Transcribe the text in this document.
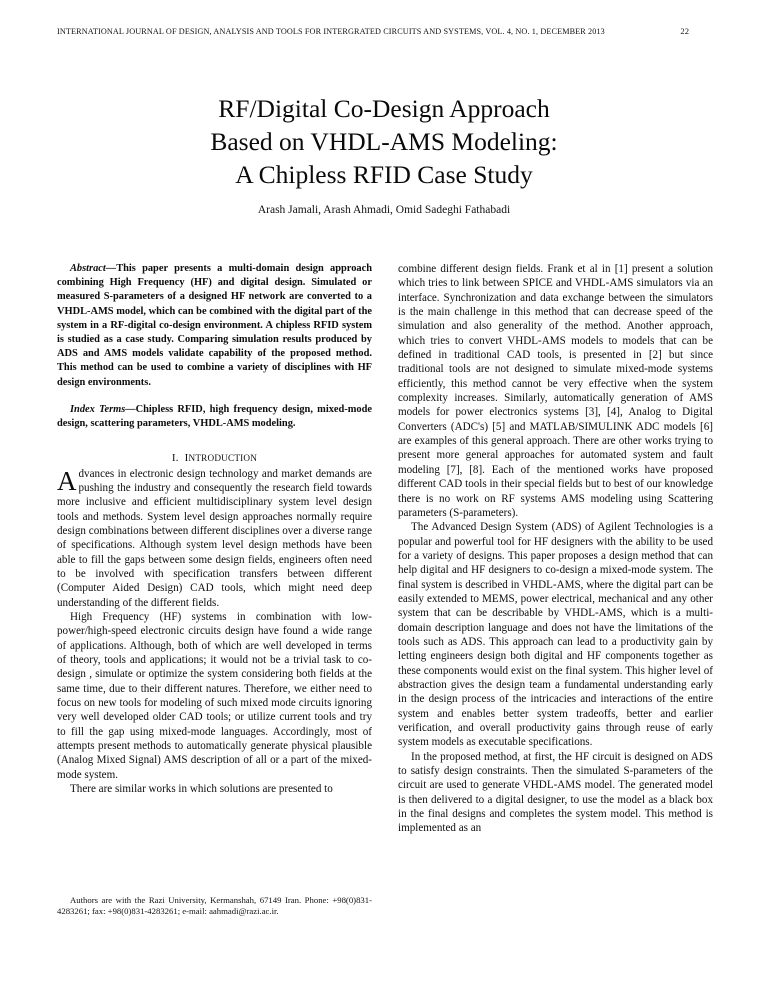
INTERNATIONAL JOURNAL OF DESIGN, ANALYSIS AND TOOLS FOR INTERGRATED CIRCUITS AND SYSTEMS, VOL. 4, NO. 1, DECEMBER 2013	22
RF/Digital Co-Design Approach
Based on VHDL-AMS Modeling:
A Chipless RFID Case Study
Arash Jamali, Arash Ahmadi, Omid Sadeghi Fathabadi

Abstract—This paper presents a multi-domain design approach combining High Frequency (HF) and digital design. Simulated or measured S-parameters of a designed HF network are converted to a VHDL-AMS model, which can be combined with the digital part of the system in a RF-digital co-design environment. A chipless RFID system is studied as a case study. Comparing simulation results produced by ADS and AMS models validate capability of the proposed method. This method can be used to combine a variety of disciplines with HF design environments.

Index Terms—Chipless RFID, high frequency design, mixed-mode design, scattering parameters, VHDL-AMS modeling.

I. INTRODUCTION

Advances in electronic design technology and market demands are pushing the industry and consequently the research field towards more inclusive and efficient multidisciplinary system level design tools and methods. System level design approaches normally require design combinations between different disciplines over a diverse range of specifications. Although system level design methods have been able to fill the gaps between some design fields, engineers often need to be involved with specification transfers between different (Computer Aided Design) CAD tools, which might need deep understanding of the different fields.

High Frequency (HF) systems in combination with low-power/high-speed electronic circuits design have found a wide range of applications. Although, both of which are well developed in terms of theory, tools and applications; it would not be a trivial task to co-design , simulate or optimize the system considering both fields at the same time, due to their different natures. Therefore, we either need to focus on new tools for modeling of such mixed mode circuits ignoring very well developed older CAD tools; or utilize current tools and try to fill the gap using mixed-mode languages. Accordingly, most of attempts present methods to automatically generate physical plausible (Analog Mixed Signal) AMS description of all or a part of the mixed-mode system.

There are similar works in which solutions are presented to

combine different design fields. Frank et al in [1] present a solution which tries to link between SPICE and VHDL-AMS simulators via an interface. Synchronization and data exchange between the simulators is the main challenge in this method that can decrease speed of the simulation and also generality of the method. Another approach, which tries to convert VHDL-AMS models to models that can be defined in traditional CAD tools, is presented in [2] but since traditional tools are not designed to simulate mixed-mode systems efficiently, this method cannot be very effective when the system complexity increases. Similarly, automatically generation of AMS models for power electronics systems [3], [4], Analog to Digital Converters (ADC's) [5] and MATLAB/SIMULINK ADC models [6] are examples of this general approach. There are other works trying to present more general approaches for automated system and fault modeling [7], [8]. Each of the mentioned works have proposed different CAD tools in their special fields but to best of our knowledge there is no work on RF systems AMS modeling using Scattering parameters (S-parameters).

The Advanced Design System (ADS) of Agilent Technologies is a popular and powerful tool for HF designers with the ability to be used for a variety of designs. This paper proposes a design method that can help digital and HF designers to co-design a mixed-mode system. The final system is described in VHDL-AMS, where the digital part can be easily extended to MEMS, power electrical, mechanical and any other system that can be describable by VHDL-AMS, which is a multi-domain description language and does not have the limitations of the tools such as ADS. This approach can lead to a productivity gain by letting engineers design both digital and HF components together as these components would exist on the final system. This higher level of abstraction gives the design team a fundamental understanding early in the design process of the intricacies and interactions of the entire system and enables better system tradeoffs, better and earlier verification, and overall productivity gains through reuse of early system models as executable specifications.

In the proposed method, at first, the HF circuit is designed on ADS to satisfy design constraints. Then the simulated S-parameters of the circuit are used to generate VHDL-AMS model. The generated model is then delivered to a digital designer, to use the model as a black box in the final designs and completes the system model. This method is implemented as an

Authors are with the Razi University, Kermanshah, 67149 Iran. Phone: +98(0)831-4283261; fax: +98(0)831-4283261; e-mail: aahmadi@razi.ac.ir.
